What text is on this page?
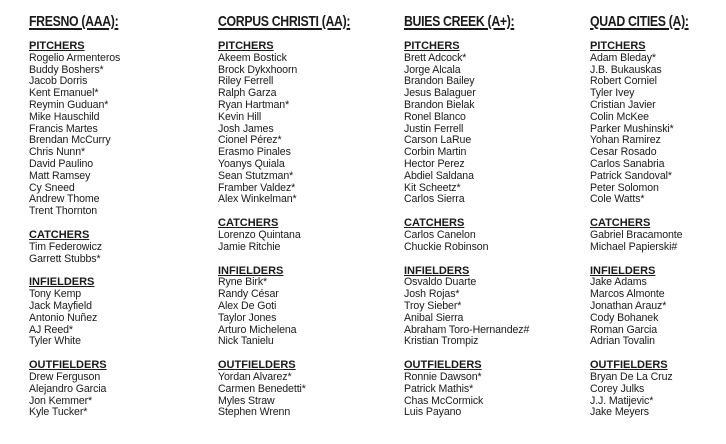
FRESNO (AAA):
PITCHERS
Rogelio Armenteros
Buddy Boshers*
Jacob Dorris
Kent Emanuel*
Reymin Guduan*
Mike Hauschild
Francis Martes
Brendan McCurry
Chris Nunn*
David Paulino
Matt Ramsey
Cy Sneed
Andrew Thome
Trent Thornton
CATCHERS
Tim Federowicz
Garrett Stubbs*
INFIELDERS
Tony Kemp
Jack Mayfield
Antonio Nuñez
AJ Reed*
Tyler White
OUTFIELDERS
Drew Ferguson
Alejandro Garcia
Jon Kemmer*
Kyle Tucker*
CORPUS CHRISTI (AA):
PITCHERS
Akeem Bostick
Brock Dykxhoorn
Riley Ferrell
Ralph Garza
Ryan Hartman*
Kevin Hill
Josh James
Cionel Pérez*
Erasmo Pinales
Yoanys Quiala
Sean Stutzman*
Framber Valdez*
Alex Winkelman*
CATCHERS
Lorenzo Quintana
Jamie Ritchie
INFIELDERS
Ryne Birk*
Randy César
Alex De Goti
Taylor Jones
Arturo Michelena
Nick Tanielu
OUTFIELDERS
Yordan Alvarez*
Carmen Benedetti*
Myles Straw
Stephen Wrenn
BUIES CREEK (A+):
PITCHERS
Brett Adcock*
Jorge Alcala
Brandon Bailey
Jesus Balaguer
Brandon Bielak
Ronel Blanco
Justin Ferrell
Carson LaRue
Corbin Martin
Hector Perez
Abdiel Saldana
Kit Scheetz*
Carlos Sierra
CATCHERS
Carlos Canelon
Chuckie Robinson
INFIELDERS
Osvaldo Duarte
Josh Rojas*
Troy Sieber*
Anibal Sierra
Abraham Toro-Hernandez#
Kristian Trompiz
OUTFIELDERS
Ronnie Dawson*
Patrick Mathis*
Chas McCormick
Luis Payano
QUAD CITIES (A):
PITCHERS
Adam Bleday*
J.B. Bukauskas
Robert Corniel
Tyler Ivey
Cristian Javier
Colin McKee
Parker Mushinski*
Yohan Ramirez
Cesar Rosado
Carlos Sanabria
Patrick Sandoval*
Peter Solomon
Cole Watts*
CATCHERS
Gabriel Bracamonte
Michael Papierski#
INFIELDERS
Jake Adams
Marcos Almonte
Jonathan Arauz*
Cody Bohanek
Roman Garcia
Adrian Tovalin
OUTFIELDERS
Bryan De La Cruz
Corey Julks
J.J. Matijevic*
Jake Meyers
